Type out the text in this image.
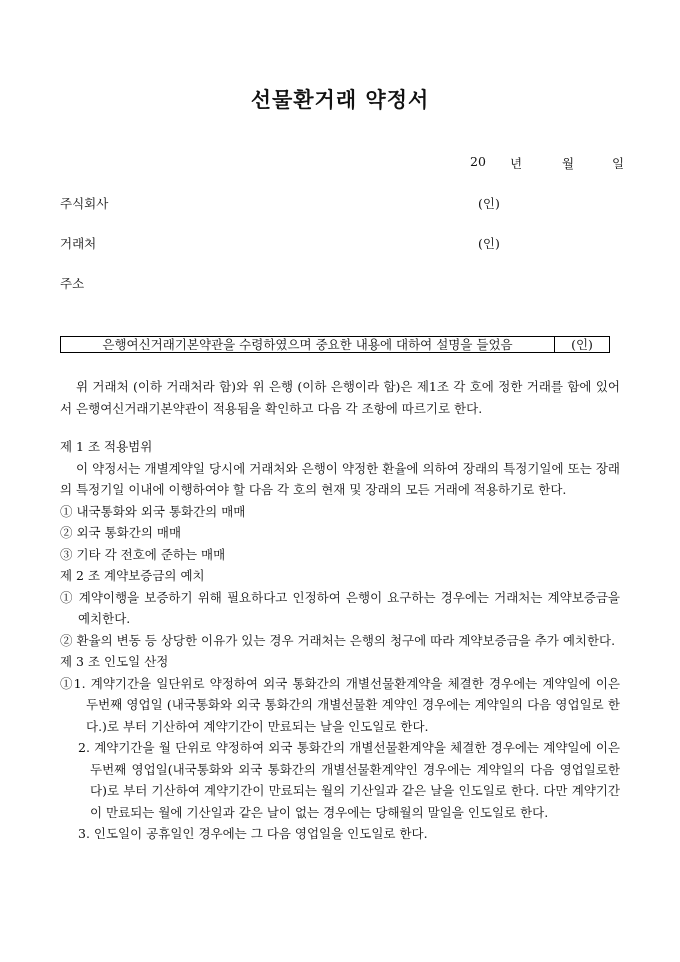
선물환거래 약정서
20 년	월	일
주식회사	(인)
거래처	(인)
주소
은행여신거래기본약관을 수령하였으며 중요한 내용에 대하여 설명을 들었음	(인)

위 거래처 (이하 거래처라 함)와 위 은행 (이하 은행이라 함)은 제1조 각 호에 정한 거래를 함에 있어서 은행여신거래기본약관이 적용됨을 확인하고 다음 각 조항에 따르기로 한다.

제 1 조 적용범위

이 약정서는 개별계약일 당시에 거래처와 은행이 약정한 환율에 의하여 장래의 특정기일에 또는 장래의 특정기일 이내에 이행하여야 할 다음 각 호의 현재 및 장래의 모든 거래에 적용하기로 한다.

① 내국통화와 외국 통화간의 매매

② 외국 통화간의 매매

③ 기타 각 전호에 준하는 매매

제 2 조 계약보증금의 예치

① 계약이행을 보증하기 위해 필요하다고 인정하여 은행이 요구하는 경우에는 거래처는 계약보증금을 예치한다.

② 환율의 변동 등 상당한 이유가 있는 경우 거래처는 은행의 청구에 따라 계약보증금을 추가 예치한다.

제 3 조 인도일 산정

①1. 계약기간을 일단위로 약정하여 외국 통화간의 개별선물환계약을 체결한 경우에는 계약일에 이은 두번째 영업일 (내국통화와 외국 통화간의 개별선물환 계약인 경우에는 계약일의 다음 영업일로 한다.)로 부터 기산하여 계약기간이 만료되는 날을 인도일로 한다.

2. 계약기간을 월 단위로 약정하여 외국 통화간의 개별선물환계약을 체결한 경우에는 계약일에 이은 두번째 영업일(내국통화와 외국 통화간의 개별선물환계약인 경우에는 계약일의 다음 영업일로한다)로 부터 기산하여 계약기간이 만료되는 월의 기산일과 같은 날을 인도일로 한다. 다만 계약기간이 만료되는 월에 기산일과 같은 날이 없는 경우에는 당해월의 말일을 인도일로 한다.

3. 인도일이 공휴일인 경우에는 그 다음 영업일을 인도일로 한다.
